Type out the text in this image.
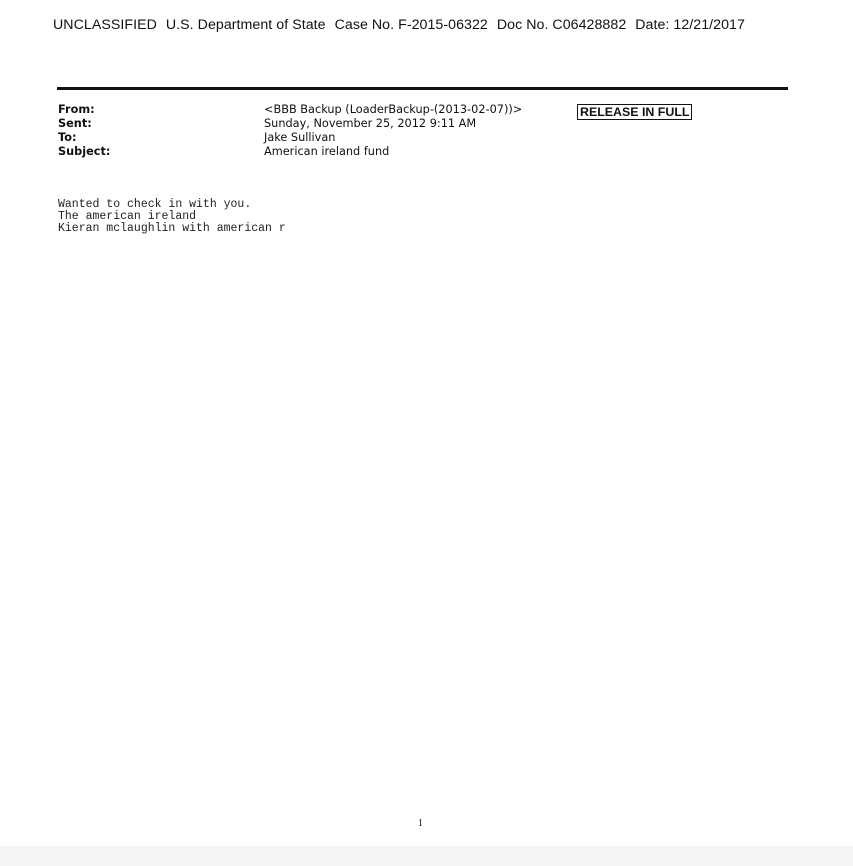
UNCLASSIFIED U.S. Department of State Case No. F-2015-06322 Doc No. C06428882 Date: 12/21/2017
From:	<BBB Backup (LoaderBackup-(2013-02-07))>
Sent:	Sunday, November 25, 2012 9:11 AM
To:	Jake Sullivan
Subject:	American ireland fund
RELEASE IN FULL
Wanted to check in with you.
The american ireland
Kieran mclaughlin with american r
1
